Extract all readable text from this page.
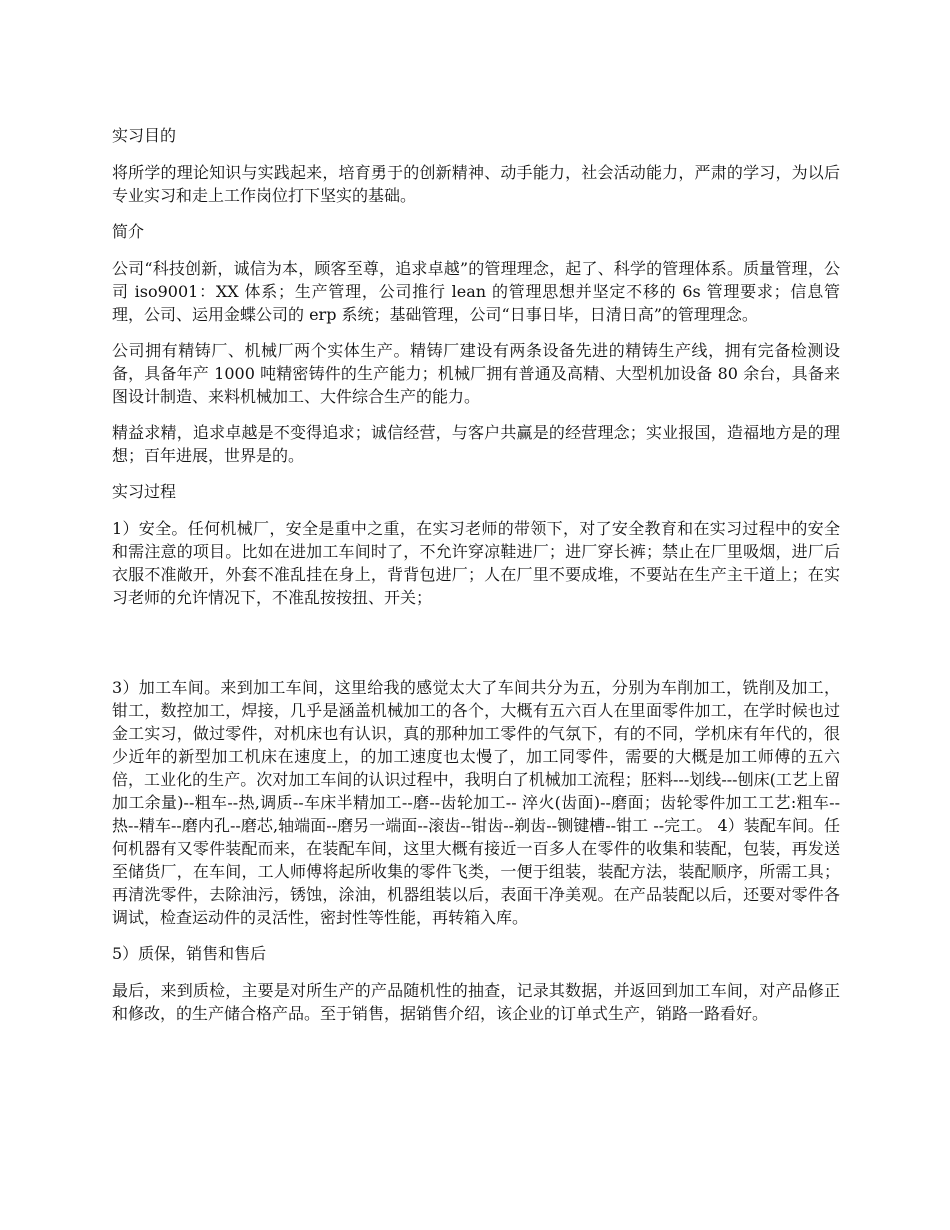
实习目的

将所学的理论知识与实践起来，培育勇于的创新精神、动手能力，社会活动能力，严肃的学习，为以后专业实习和走上工作岗位打下坚实的基础。

简介

公司“科技创新，诚信为本，顾客至尊，追求卓越”的管理理念，起了、科学的管理体系。质量管理，公司 iso9001：XX 体系；生产管理，公司推行 lean 的管理思想并坚定不移的 6s 管理要求；信息管理，公司、运用金蝶公司的 erp 系统；基础管理，公司“日事日毕，日清日高”的管理理念。

公司拥有精铸厂、机械厂两个实体生产。精铸厂建设有两条设备先进的精铸生产线，拥有完备检测设备，具备年产 1000 吨精密铸件的生产能力；机械厂拥有普通及高精、大型机加设备 80 余台，具备来图设计制造、来料机械加工、大件综合生产的能力。

精益求精，追求卓越是不变得追求；诚信经营，与客户共赢是的经营理念；实业报国，造福地方是的理想；百年进展，世界是的。

实习过程

1）安全。任何机械厂，安全是重中之重，在实习老师的带领下，对了安全教育和在实习过程中的安全和需注意的项目。比如在进加工车间时了，不允许穿凉鞋进厂；进厂穿长裤；禁止在厂里吸烟，进厂后衣服不准敞开，外套不准乱挂在身上，背背包进厂；人在厂里不要成堆，不要站在生产主干道上；在实习老师的允许情况下，不准乱按按扭、开关；

3）加工车间。来到加工车间，这里给我的感觉太大了车间共分为五，分别为车削加工，铣削及加工，钳工，数控加工，焊接，几乎是涵盖机械加工的各个，大概有五六百人在里面零件加工，在学时候也过金工实习，做过零件，对机床也有认识，真的那种加工零件的气氛下，有的不同，学机床有年代的，很少近年的新型加工机床在速度上，的加工速度也太慢了，加工同零件，需要的大概是加工师傅的五六倍，工业化的生产。次对加工车间的认识过程中，我明白了机械加工流程；胚料---划线---刨床(工艺上留加工余量)--粗车--热,调质--车床半精加工--磨--齿轮加工-- 淬火(齿面)--磨面；齿轮零件加工工艺:粗车--热--精车--磨内孔--磨芯,轴端面--磨另一端面--滚齿--钳齿--剃齿--铡键槽--钳工 --完工。 4）装配车间。任何机器有又零件装配而来，在装配车间，这里大概有接近一百多人在零件的收集和装配，包装，再发送至储货厂，在车间，工人师傅将起所收集的零件飞类，一便于组装，装配方法，装配顺序，所需工具；再清洗零件，去除油污，锈蚀，涂油，机器组装以后，表面干净美观。在产品装配以后，还要对零件各调试，检查运动件的灵活性，密封性等性能，再转箱入库。

5）质保，销售和售后

最后，来到质检，主要是对所生产的产品随机性的抽查，记录其数据，并返回到加工车间，对产品修正和修改，的生产储合格产品。至于销售，据销售介绍，该企业的订单式生产，销路一路看好。
